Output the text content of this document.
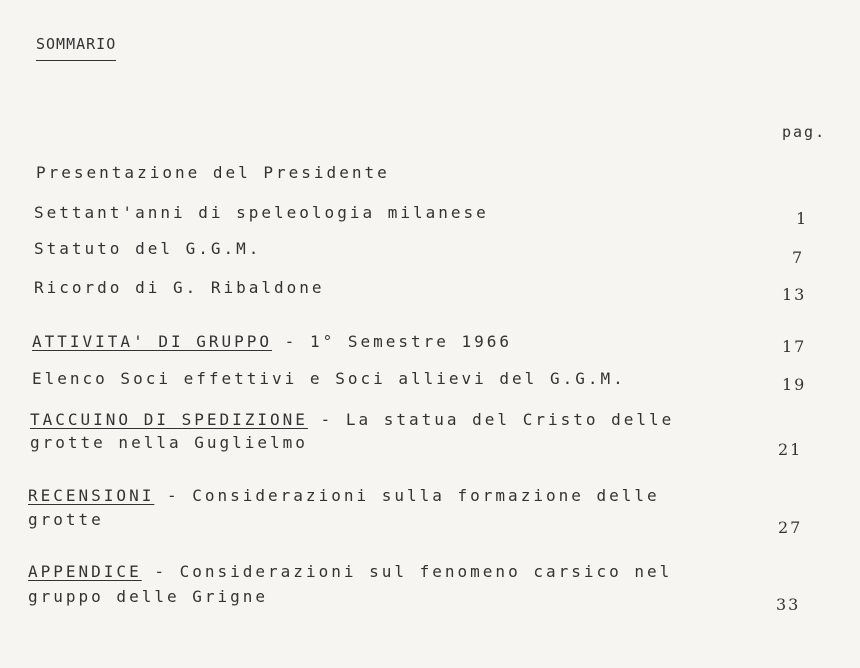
SOMMARIO
pag.
Presentazione del Presidente
Settant'anni di speleologia milanese	1
Statuto del G.G.M.	7
Ricordo di G. Ribaldone	13
ATTIVITA' DI GRUPPO - 1° Semestre 1966	17
Elenco Soci effettivi e Soci allievi del G.G.M.	19
TACCUINO DI SPEDIZIONE - La statua del Cristo delle
grotte nella Guglielmo	21
RECENSIONI - Considerazioni sulla formazione delle
grotte	27
APPENDICE - Considerazioni sul fenomeno carsico nel
gruppo delle Grigne	33
